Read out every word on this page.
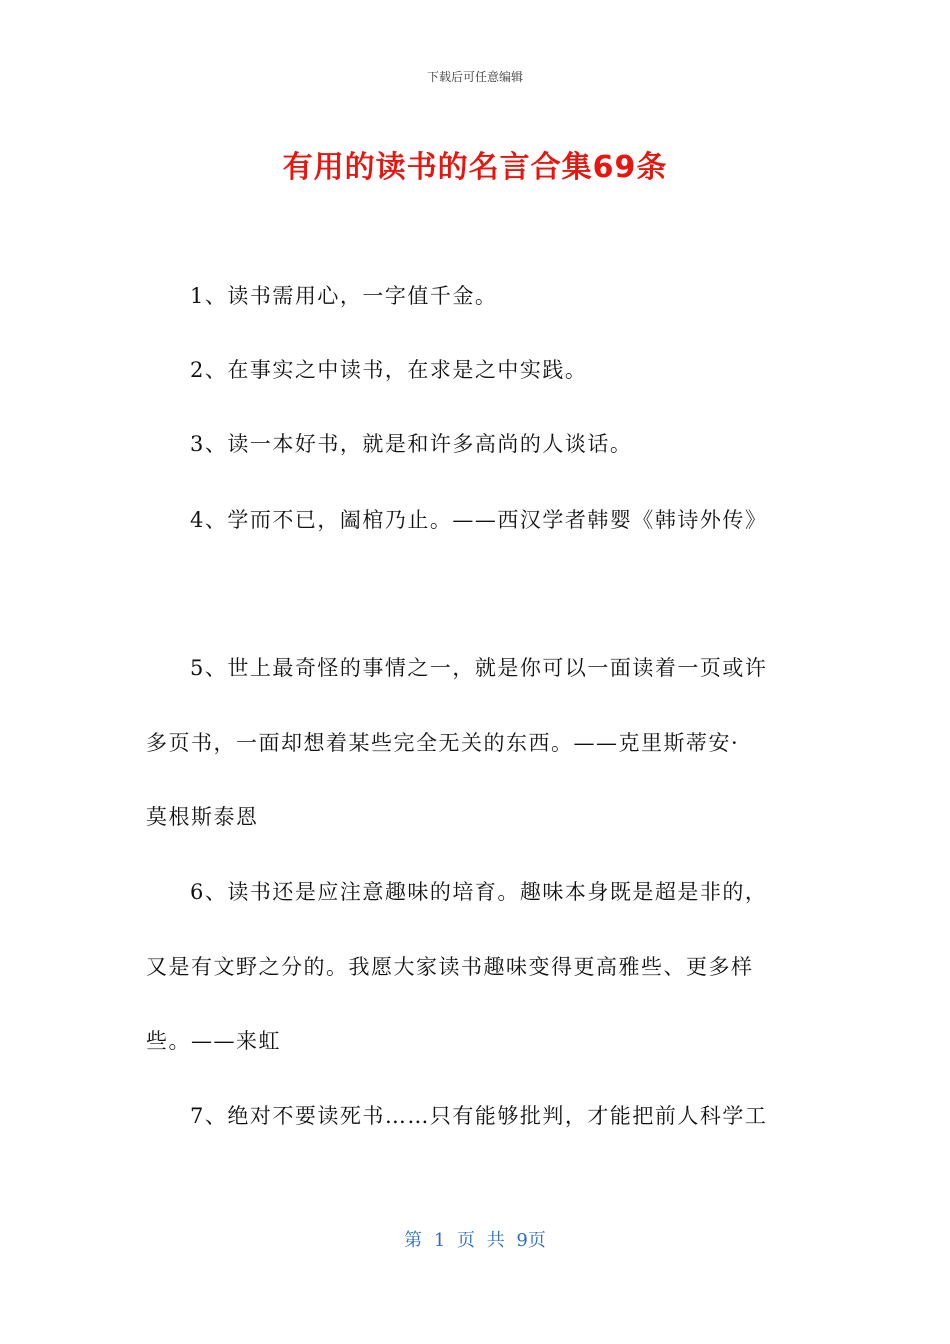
下载后可任意编辑
有用的读书的名言合集69条
1、读书需用心，一字值千金。
2、在事实之中读书，在求是之中实践。
3、读一本好书，就是和许多高尚的人谈话。
4、学而不已，阖棺乃止。——西汉学者韩婴《韩诗外传》
5、世上最奇怪的事情之一，就是你可以一面读着一页或许
多页书，一面却想着某些完全无关的东西。——克里斯蒂安·
莫根斯泰恩
6、读书还是应注意趣味的培育。趣味本身既是超是非的，
又是有文野之分的。我愿大家读书趣味变得更高雅些、更多样
些。——来虹
7、绝对不要读死书……只有能够批判，才能把前人科学工
第 1 页 共 9页
